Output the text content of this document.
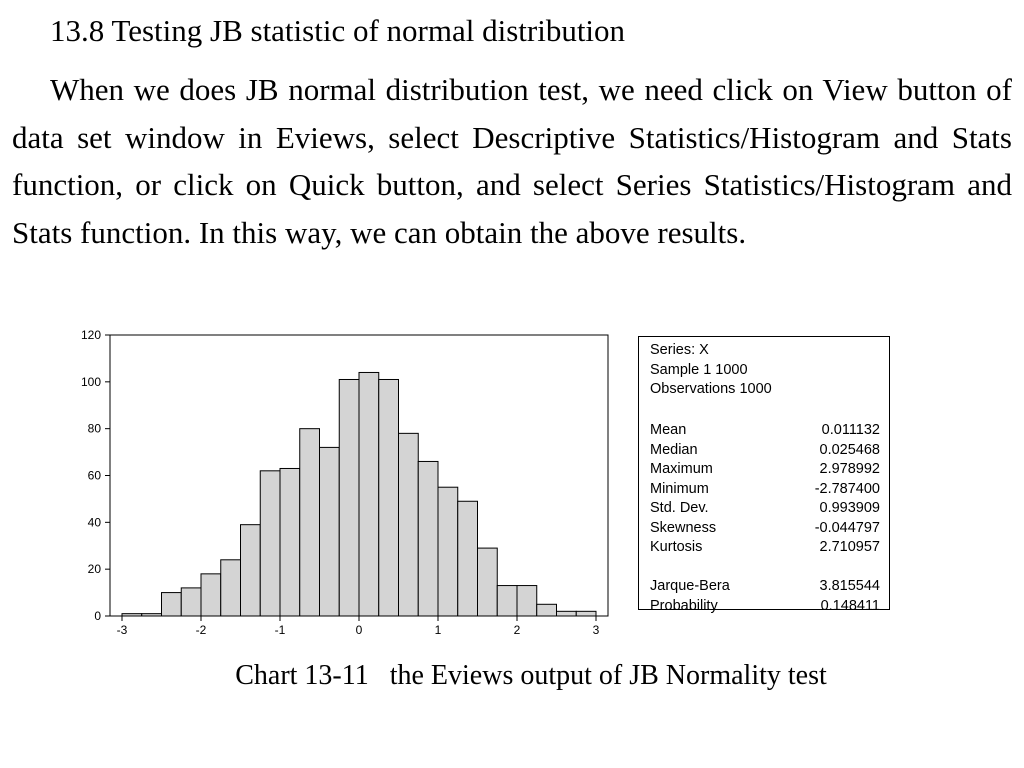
13.8 Testing JB statistic of normal distribution

When we does JB normal distribution test, we need click on View button of data set window in Eviews, select Descriptive Statistics/Histogram and Stats function, or click on Quick button, and select Series Statistics/Histogram and Stats function. In this way, we can obtain the above results.

0
20
40
60
80
100
120
-3	-2	-1	0	1	2	3
Series: X
Sample 1 1000
Observations 1000
Mean	0.011132
Median	0.025468
Maximum	2.978992
Minimum	-2.787400
Std. Dev.	0.993909
Skewness	-0.044797
Kurtosis	2.710957
Jarque-Bera	3.815544
Probability	0.148411
Chart 13-11   the Eviews output of JB Normality test
